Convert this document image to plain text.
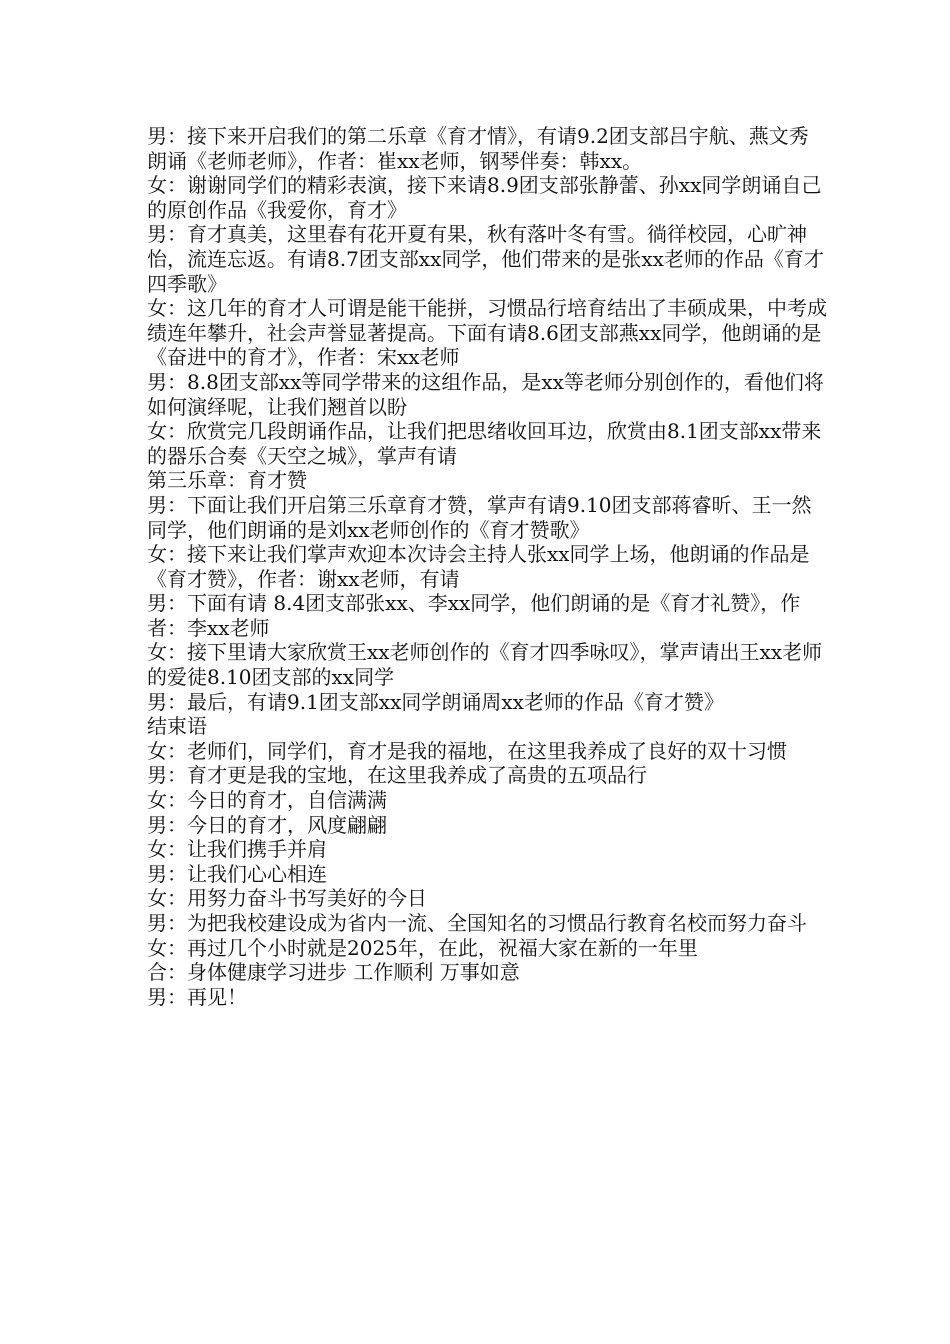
男：接下来开启我们的第二乐章《育才情》，有请9.2团支部吕宇航、燕文秀朗诵《老师老师》，作者：崔xx老师，钢琴伴奏：韩xx。

女：谢谢同学们的精彩表演，接下来请8.9团支部张静蕾、孙xx同学朗诵自己的原创作品《我爱你，育才》

男：育才真美，这里春有花开夏有果，秋有落叶冬有雪。徜徉校园，心旷神怡，流连忘返。有请8.7团支部xx同学，他们带来的是张xx老师的作品《育才四季歌》

女：这几年的育才人可谓是能干能拼，习惯品行培育结出了丰硕成果，中考成绩连年攀升，社会声誉显著提高。下面有请8.6团支部燕xx同学，他朗诵的是《奋进中的育才》，作者：宋xx老师

男：8.8团支部xx等同学带来的这组作品，是xx等老师分别创作的，看他们将如何演绎呢，让我们翘首以盼

女：欣赏完几段朗诵作品，让我们把思绪收回耳边，欣赏由8.1团支部xx带来的器乐合奏《天空之城》，掌声有请

第三乐章：育才赞

男：下面让我们开启第三乐章育才赞，掌声有请9.10团支部蒋睿昕、王一然同学，他们朗诵的是刘xx老师创作的《育才赞歌》

女：接下来让我们掌声欢迎本次诗会主持人张xx同学上场，他朗诵的作品是《育才赞》，作者：谢xx老师，有请

男：下面有请 8.4团支部张xx、李xx同学，他们朗诵的是《育才礼赞》，作者：李xx老师

女：接下里请大家欣赏王xx老师创作的《育才四季咏叹》，掌声请出王xx老师的爱徒8.10团支部的xx同学

男：最后，有请9.1团支部xx同学朗诵周xx老师的作品《育才赞》

结束语

女：老师们，同学们，育才是我的福地，在这里我养成了良好的双十习惯

男：育才更是我的宝地，在这里我养成了高贵的五项品行

女：今日的育才，自信满满

男：今日的育才，风度翩翩

女：让我们携手并肩

男：让我们心心相连

女：用努力奋斗书写美好的今日

男：为把我校建设成为省内一流、全国知名的习惯品行教育名校而努力奋斗

女：再过几个小时就是2025年，在此，祝福大家在新的一年里

合：身体健康学习进步 工作顺利 万事如意

男：再见！
